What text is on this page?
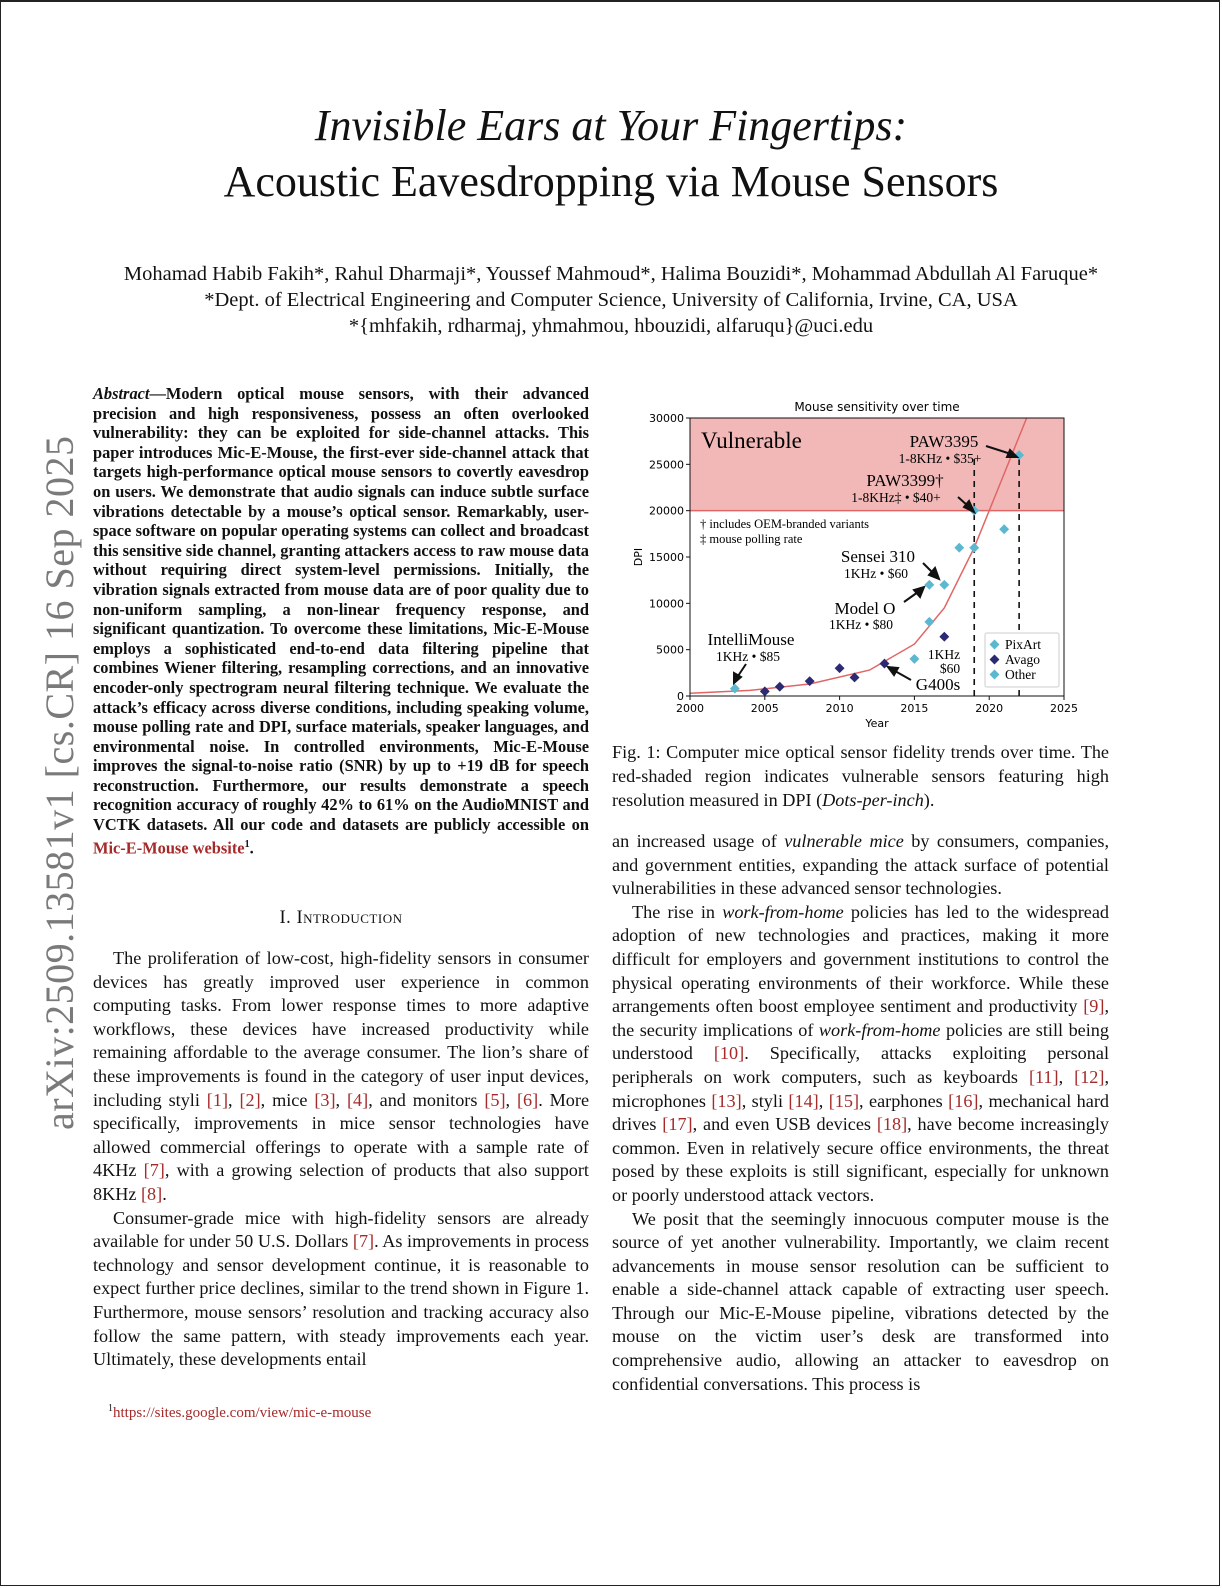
Invisible Ears at Your Fingertips:
Acoustic Eavesdropping via Mouse Sensors
Mohamad Habib Fakih*, Rahul Dharmaji*, Youssef Mahmoud*, Halima Bouzidi*, Mohammad Abdullah Al Faruque*
*Dept. of Electrical Engineering and Computer Science, University of California, Irvine, CA, USA
*{mhfakih, rdharmaj, yhmahmou, hbouzidi, alfaruqu}@uci.edu
arXiv:2509.13581v1 [cs.CR] 16 Sep 2025
Abstract—Modern optical mouse sensors, with their advanced precision and high responsiveness, possess an often overlooked vulnerability: they can be exploited for side-channel attacks. This paper introduces Mic-E-Mouse, the first-ever side-channel attack that targets high-performance optical mouse sensors to covertly eavesdrop on users. We demonstrate that audio signals can induce subtle surface vibrations detectable by a mouse’s optical sensor. Remarkably, user-space software on popular operating systems can collect and broadcast this sensitive side channel, granting attackers access to raw mouse data without requiring direct system-level permissions. Initially, the vibration signals extracted from mouse data are of poor quality due to non-uniform sampling, a non-linear frequency response, and significant quantization. To overcome these limitations, Mic-E-Mouse employs a sophisticated end-to-end data filtering pipeline that combines Wiener filtering, resampling corrections, and an innovative encoder-only spectrogram neural filtering technique. We evaluate the attack’s efficacy across diverse conditions, including speaking volume, mouse polling rate and DPI, surface materials, speaker languages, and environmental noise. In controlled environments, Mic-E-Mouse improves the signal-to-noise ratio (SNR) by up to +19 dB for speech reconstruction. Furthermore, our results demonstrate a speech recognition accuracy of roughly 42% to 61% on the AudioMNIST and VCTK datasets. All our code and datasets are publicly accessible on Mic-E-Mouse website$^1$.
I. Introduction

The proliferation of low-cost, high-fidelity sensors in consumer devices has greatly improved user experience in common computing tasks. From lower response times to more adaptive workflows, these devices have increased productivity while remaining affordable to the average consumer. The lion’s share of these improvements is found in the category of user input devices, including styli [1], [2], mice [3], [4], and monitors [5], [6]. More specifically, improvements in mice sensor technologies have allowed commercial offerings to operate with a sample rate of 4KHz [7], with a growing selection of products that also support 8KHz [8].

Consumer-grade mice with high-fidelity sensors are already available for under 50 U.S. Dollars [7]. As improvements in process technology and sensor development continue, it is reasonable to expect further price declines, similar to the trend shown in Figure 1. Furthermore, mouse sensors’ resolution and tracking accuracy also follow the same pattern, with steady improvements each year. Ultimately, these developments entail

$^1$https://sites.google.com/view/mic-e-mouse
2000	2005	2010	2015	2020	2025
0
5000
10000
15000
20000
25000
30000
Mouse sensitivity over time
Vulnerable
† includes OEM-branded variants
‡ mouse polling rate
PAW3395
1-8KHz • $35+
PAW3399†
1-8KHz‡ • $40+
Sensei 310
1KHz • $60
Model O
1KHz • $80
IntelliMouse
1KHz • $85	1KHz
$60
G400s
PixArt
Avago
Other
Year
DPI
Fig. 1: Computer mice optical sensor fidelity trends over time. The red-shaded region indicates vulnerable sensors featuring high resolution measured in DPI (Dots-per-inch).

an increased usage of vulnerable mice by consumers, companies, and government entities, expanding the attack surface of potential vulnerabilities in these advanced sensor technologies.

The rise in work-from-home policies has led to the widespread adoption of new technologies and practices, making it more difficult for employers and government institutions to control the physical operating environments of their workforce. While these arrangements often boost employee sentiment and productivity [9], the security implications of work-from-home policies are still being understood [10]. Specifically, attacks exploiting personal peripherals on work computers, such as keyboards [11], [12], microphones [13], styli [14], [15], earphones [16], mechanical hard drives [17], and even USB devices [18], have become increasingly common. Even in relatively secure office environments, the threat posed by these exploits is still significant, especially for unknown or poorly understood attack vectors.

We posit that the seemingly innocuous computer mouse is the source of yet another vulnerability. Importantly, we claim recent advancements in mouse sensor resolution can be sufficient to enable a side-channel attack capable of extracting user speech. Through our Mic-E-Mouse pipeline, vibrations detected by the mouse on the victim user’s desk are transformed into comprehensive audio, allowing an attacker to eavesdrop on confidential conversations. This process is
